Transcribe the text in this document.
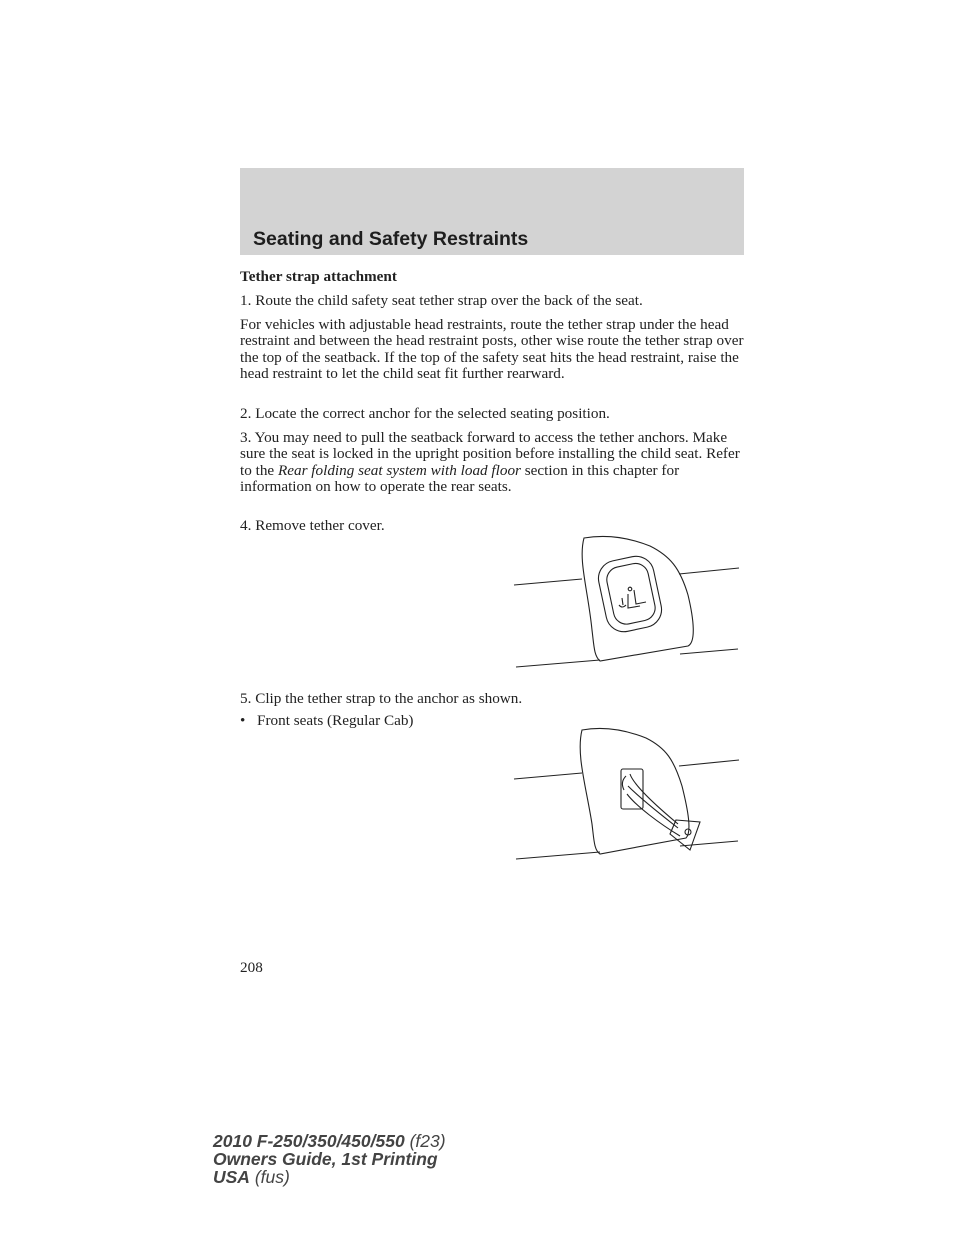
Seating and Safety Restraints

Tether strap attachment

1. Route the child safety seat tether strap over the back of the seat.

For vehicles with adjustable head restraints, route the tether strap under the head restraint and between the head restraint posts, other wise route the tether strap over the top of the seatback. If the top of the safety seat hits the head restraint, raise the head restraint to let the child seat fit further rearward.

2. Locate the correct anchor for the selected seating position.

3. You may need to pull the seatback forward to access the tether anchors. Make sure the seat is locked in the upright position before installing the child seat. Refer to the Rear folding seat system with load floor section in this chapter for information on how to operate the rear seats.

4. Remove tether cover.

5. Clip the tether strap to the anchor as shown.

• Front seats (Regular Cab)
208
2010 F-250/350/450/550 (f23)
Owners Guide, 1st Printing
USA (fus)
